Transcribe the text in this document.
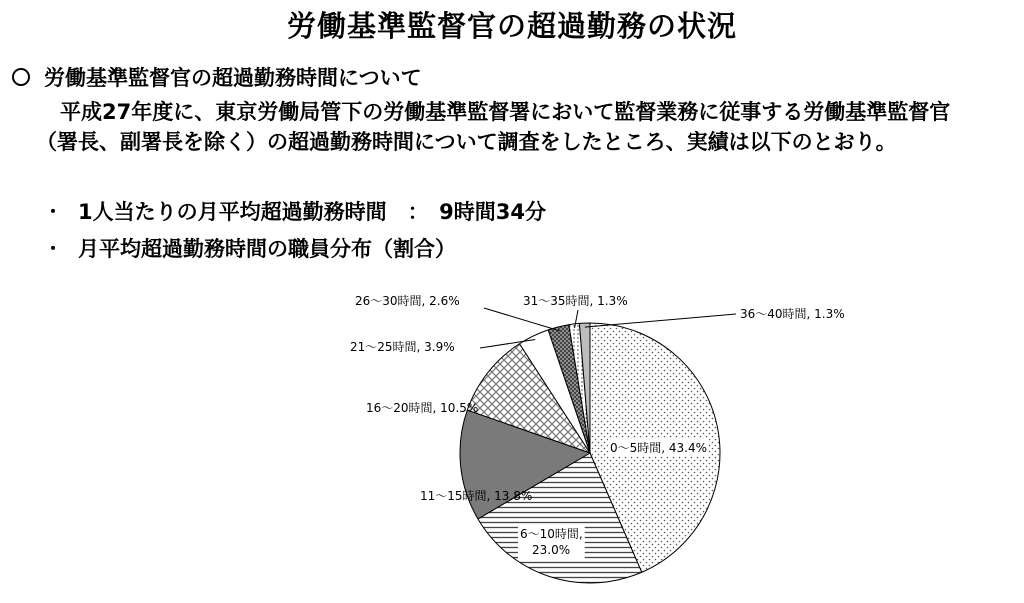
労働基準監督官の超過勤務の状況
労働基準監督官の超過勤務時間について
平成27年度に、東京労働局管下の労働基準監督署において監督業務に従事する労働基準監督官（署長、副署長を除く）の超過勤務時間について調査をしたところ、実績は以下のとおり。
・ 1人当たりの月平均超過勤務時間　：　9時間34分
・ 月平均超過勤務時間の職員分布（割合）
0〜5時間, 43.4%
6〜10時間,
23.0%
11〜15時間, 13.8%
16〜20時間, 10.5%
21〜25時間, 3.9%
26〜30時間, 2.6%	31〜35時間, 1.3%
36〜40時間, 1.3%
